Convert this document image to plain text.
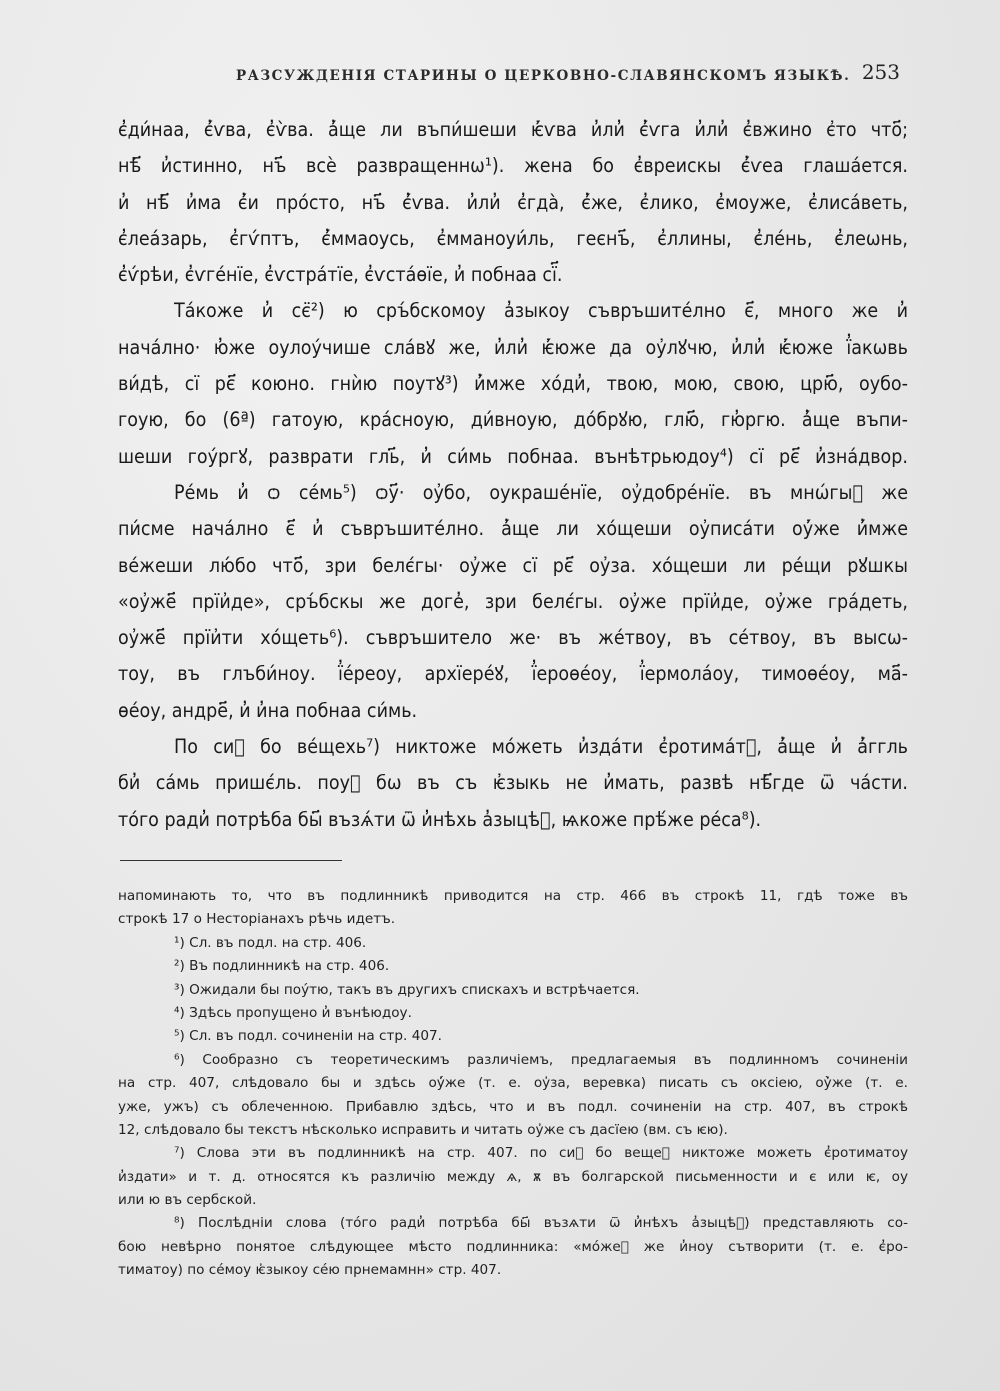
РАЗСУЖДЕНІЯ СТАРИНЫ О ЦЕРКОВНО-СЛАВЯНСКОМЪ ЯЗЫКѢ. 253
є̓ди́наа, є̓́ѵва, є̓ѵ̀ва. а̓́ще ли въпи́шеши ѥ҆́ѵва и̓ли̓ є̓́ѵга и̓ли̓ є̓вжино є҆то что҃;
нѣ҃ и̓стинно, нъ҃ всѐ развращеннѡ¹). жена бо є̓вреискы є̓́ѵеа глаша́ется.
и̓ нѣ҃ и̓ма є̓́и про́сто, нъ҃ є̓́ѵва. и̓ли̓ є̓гда̀, є̓́же, є̓лико, є̓моуже, є̓лиса́веть,
є̓леа́зарь, є̓гѵ́птъ, є̓́ммаоусь, є̓мманоуи́ль, геєнъ҃, є̓ллины, є̓ле́нь, є̓леѡнь,
є̓ѵ́рѣи, є̓ѵге́нїе, є̓ѵстра́тїе, є̓ѵста́ѳїе, и̓ побнаа сї҃.
Та́коже и̓ сє̈²) ю сръ́бскомоу а̓зыкоу съвръшите́лно є҃, много же и̓
нача́лно· ю̓же оулоу́чише сла́вꙋ же, и̓ли̓ ѥ҆́юже да оу҆лꙋчю, и̓ли̓ ѥ҆́юже ї̓акѡвь
ви́дѣ, сї рє҃ коюно. гнѝю поутꙋ³) и̓́мже хо́ди̓, твою, мою, свою, црю҃, оубо-
гоую, бо (6ª) гатоую, кра́сноую, ди́вноую, до́брꙋю, глю҃, гю̓ргю. а̓́ще въпи-
шеши гоу́ргꙋ, разврати гль҃, и̓ си́мь побнаа. вънѣтрьюдоу⁴) сї рє҃ и̓зна́двор.
Ре́мь и̓ ѻ се́мь⁵) ѻу҃· оу҆бо, оукраше́нїе, оу҆добре́нїе. въ мнѡ́гыⷯ же
пи́сме нача́лно є҃ и̓ съвръшите́лно. а̓́ще ли хо́щеши оу҆писа́ти оу҆́же и̓́мже
ве́жеши лю́бо что҃, зри белє́гы· оу҆же сї рє҃ оу҆за. хо́щеши ли ре́щи рꙋшкы
«оу҆же҃ прїи҆де», сръ́бскы же доге̓, зри белє́гы. оу҆же прїи҆де, оу҆же гра́деть,
оу҆же҃ прїи҆ти хо́щеть⁶). съвръшитело же· въ же́твоу, въ се́твоу, въ высѡ-
тоу, въ глъби́ноу. ї̓е́реоу, архїере́ꙋ, ї̓ероѳе́оу, ї̓ермола́оу, тимоѳе́оу, ма҃-
ѳе́оу, андре҃, и̓ и̓на побнаа си́мь.
По сиⷯ бо ве́щехь⁷) никтоже мо́жеть и̓зда́ти є̓ротима́тꙋ, а̓́ще и̓ а̓́ггль
би̓ са́мь пришє́ль. поуⷮ бѡ въ съ ѥ҆зыкь не и̓мать, развѣ нѣ҃где ѿ ча́сти.
то́го ради̓ потрѣба бы҃ възѧ́ти ѿ и̓нѣхь а̓зыцѣⷯ, ѩкоже прѣ́же ре́са⁸).
напоминають то, что въ подлинникѣ приводится на стр. 466 въ строкѣ 11, гдѣ тоже въ
строкѣ 17 о Несторіанахъ рѣчь идетъ.
¹) Сл. въ подл. на стр. 406.
²) Въ подлинникѣ на стр. 406.
³) Ожидали бы поу́тю, такъ въ другихъ спискахъ и встрѣчается.
⁴) Здѣсь пропущено и̓ вънѣюдоу.
⁵) Сл. въ подл. сочиненіи на стр. 407.
⁶) Сообразно съ теоретическимъ различіемъ, предлагаемыя въ подлинномъ сочиненіи
на стр. 407, слѣдовало бы и здѣсь оу҆́же (т. е. оу҆за, веревка) писать съ оксіею, оу҆̀же (т. е.
уже, ужъ) съ облеченною. Прибавлю здѣсь, что и въ подл. сочиненіи на стр. 407, въ строкѣ
12, слѣдовало бы текстъ нѣсколько исправить и читать оу҆же съ дасїею (вм. съ ѥю).
⁷) Слова эти въ подлинникѣ на стр. 407. по сиⷯ бо вещеⷯ никтоже можеть є̓ротиматоу
и̓здати» и т. д. относятся къ различію между ѧ, ѫ въ болгарской письменности и є или ѥ, оу
или ю въ сербской.
⁸) Послѣдніи слова (то́го ради̓ потрѣба бы҃ възѧти ѿ и̓нѣхъ а̓зыцѣⷯ) представляють со-
бою невѣрно понятое слѣдующее мѣсто подлинника: «мо́жеⷮ же и̓ноу сътворити (т. е. є̓ро-
тиматоу) по се́моу ѥ҆зыкоу се́ю прнемамнн» стр. 407.
